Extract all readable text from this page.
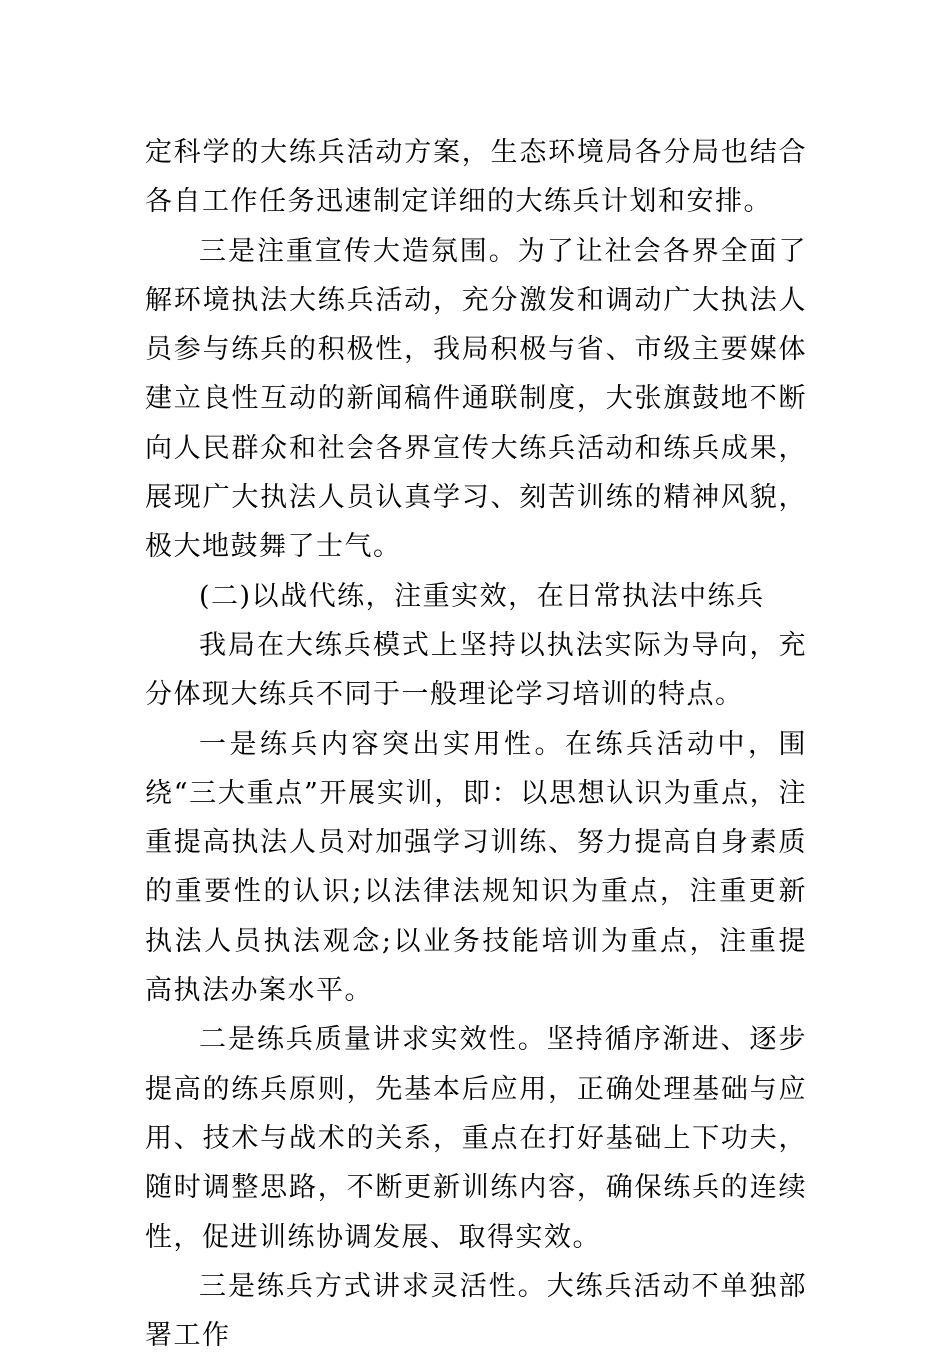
定科学的大练兵活动方案，生态环境局各分局也结合各自工作任务迅速制定详细的大练兵计划和安排。

三是注重宣传大造氛围。为了让社会各界全面了解环境执法大练兵活动，充分激发和调动广大执法人员参与练兵的积极性，我局积极与省、市级主要媒体建立良性互动的新闻稿件通联制度，大张旗鼓地不断向人民群众和社会各界宣传大练兵活动和练兵成果，展现广大执法人员认真学习、刻苦训练的精神风貌，极大地鼓舞了士气。

(二)以战代练，注重实效，在日常执法中练兵

我局在大练兵模式上坚持以执法实际为导向，充分体现大练兵不同于一般理论学习培训的特点。

一是练兵内容突出实用性。在练兵活动中，围绕“三大重点”开展实训，即：以思想认识为重点，注重提高执法人员对加强学习训练、努力提高自身素质的重要性的认识;以法律法规知识为重点，注重更新执法人员执法观念;以业务技能培训为重点，注重提高执法办案水平。

二是练兵质量讲求实效性。坚持循序渐进、逐步提高的练兵原则，先基本后应用，正确处理基础与应用、技术与战术的关系，重点在打好基础上下功夫，随时调整思路，不断更新训练内容，确保练兵的连续性，促进训练协调发展、取得实效。

三是练兵方式讲求灵活性。大练兵活动不单独部署工作
